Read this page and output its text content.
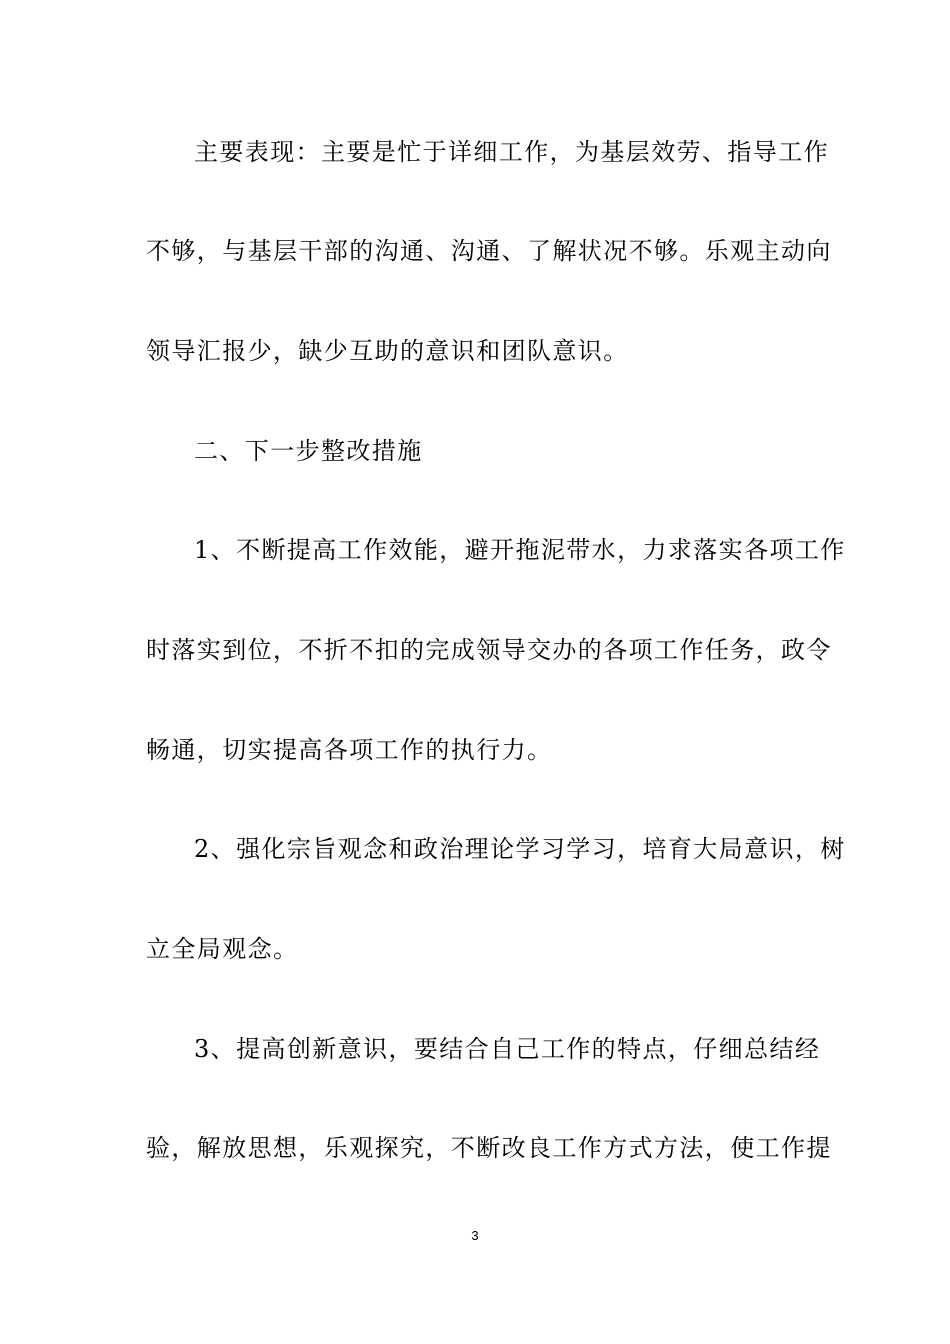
主要表现：主要是忙于详细工作，为基层效劳、指导工作
不够，与基层干部的沟通、沟通、了解状况不够。乐观主动向
领导汇报少，缺少互助的意识和团队意识。
二、下一步整改措施
1、不断提高工作效能，避开拖泥带水，力求落实各项工作
时落实到位，不折不扣的完成领导交办的各项工作任务，政令
畅通，切实提高各项工作的执行力。
2、强化宗旨观念和政治理论学习学习，培育大局意识，树
立全局观念。
3、提高创新意识，要结合自己工作的特点，仔细总结经
验，解放思想，乐观探究，不断改良工作方式方法，使工作提
3
